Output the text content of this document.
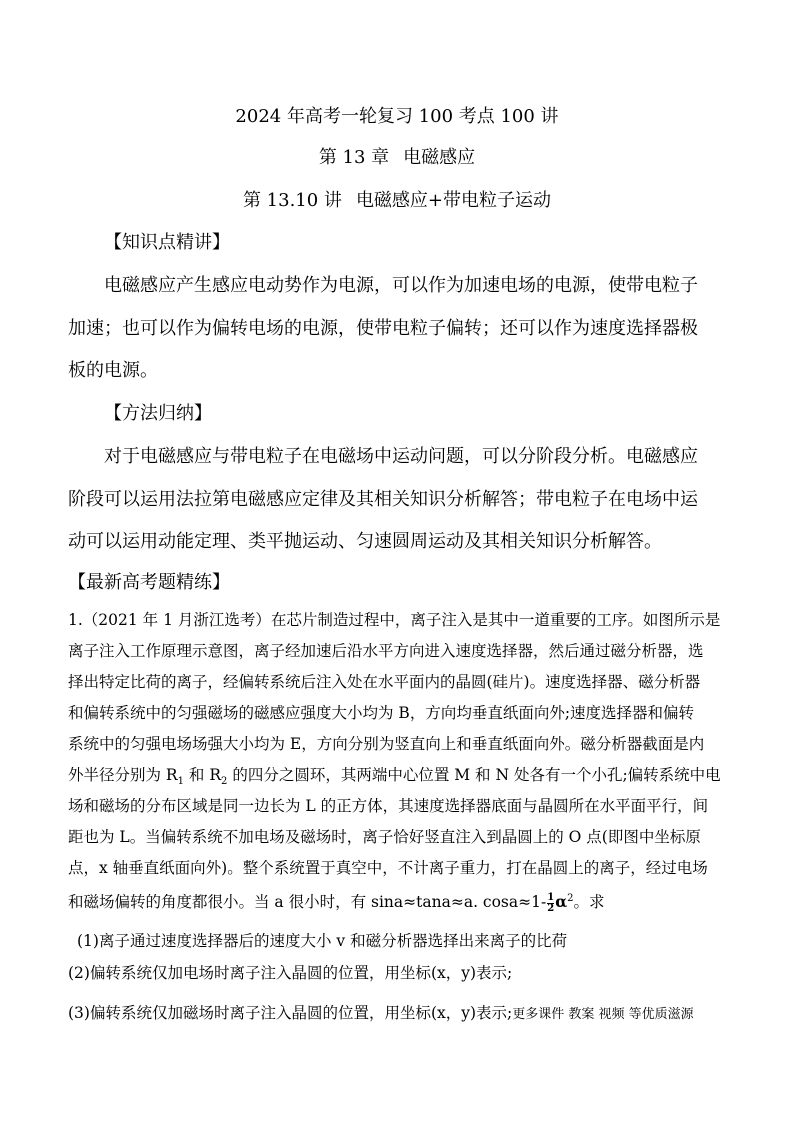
2024 年高考一轮复习 100 考点 100 讲
第 13 章 电磁感应
第 13.10 讲 电磁感应+带电粒子运动
【知识点精讲】
电磁感应产生感应电动势作为电源，可以作为加速电场的电源，使带电粒子
加速；也可以作为偏转电场的电源，使带电粒子偏转；还可以作为速度选择器极
板的电源。
【方法归纳】
对于电磁感应与带电粒子在电磁场中运动问题，可以分阶段分析。电磁感应
阶段可以运用法拉第电磁感应定律及其相关知识分析解答；带电粒子在电场中运
动可以运用动能定理、类平抛运动、匀速圆周运动及其相关知识分析解答。
【最新高考题精练】
1.（2021 年 1 月浙江选考）在芯片制造过程中，离子注入是其中一道重要的工序。如图所示是
离子注入工作原理示意图，离子经加速后沿水平方向进入速度选择器，然后通过磁分析器，选
择出特定比荷的离子，经偏转系统后注入处在水平面内的晶圆(硅片)。速度选择器、磁分析器
和偏转系统中的匀强磁场的磁感应强度大小均为 B，方向均垂直纸面向外;速度选择器和偏转
系统中的匀强电场场强大小均为 E，方向分别为竖直向上和垂直纸面向外。磁分析器截面是内
外半径分别为 $R_1$ 和 $R_2$ 的四分之圆环，其两端中心位置 M 和 N 处各有一个小孔;偏转系统中电
场和磁场的分布区域是同一边长为 L 的正方体，其速度选择器底面与晶圆所在水平面平行，间
距也为 L。当偏转系统不加电场及磁场时，离子恰好竖直注入到晶圆上的 O 点(即图中坐标原
点，x 轴垂直纸面向外)。整个系统置于真空中，不计离子重力，打在晶圆上的离子，经过电场
和磁场偏转的角度都很小。当 a 很小时，有 sina≈tana≈a. $\cos a\approx 1- \frac{1}{2} \alpha^2$。求
(1)离子通过速度选择器后的速度大小 v 和磁分析器选择出来离子的比荷
(2)偏转系统仅加电场时离子注入晶圆的位置，用坐标(x，y)表示;
(3)偏转系统仅加磁场时离子注入晶圆的位置，用坐标(x，y)表示;更多课件 教案 视频 等优质滋源
